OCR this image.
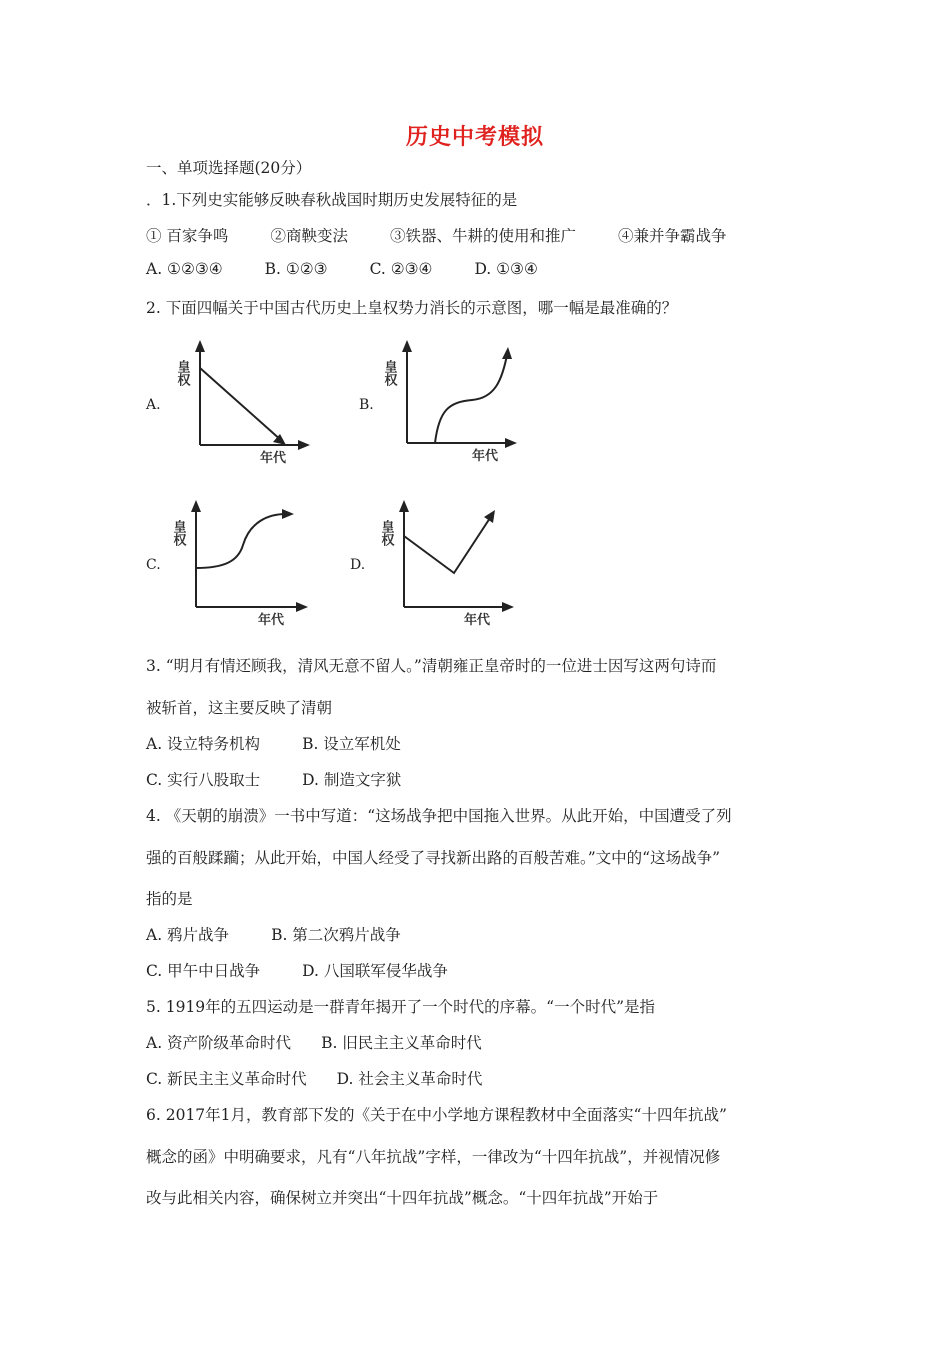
历史中考模拟
一、单项选择题(20分）
．1.下列史实能够反映春秋战国时期历史发展特征的是
① 百家争鸣	②商鞅变法	③铁器、牛耕的使用和推广	④兼并争霸战争
A. ①②③④	B. ①②③	C. ②③④	D. ①③④
2. 下面四幅关于中国古代历史上皇权势力消长的示意图，哪一幅是最准确的？
A.
皇权
年代
B.
皇权
年代
C.
皇权
年代
D.
皇权
年代
3. “明月有情还顾我，清风无意不留人。”清朝雍正皇帝时的一位进士因写这两句诗而
被斩首，这主要反映了清朝
A. 设立特务机构	B. 设立军机处
C. 实行八股取士	D. 制造文字狱
4. 《天朝的崩溃》一书中写道：“这场战争把中国拖入世界。从此开始，中国遭受了列
强的百般蹂躏；从此开始，中国人经受了寻找新出路的百般苦难。”文中的“这场战争”
指的是
A. 鸦片战争	B. 第二次鸦片战争
C. 甲午中日战争	D. 八国联军侵华战争
5. 1919年的五四运动是一群青年揭开了一个时代的序幕。“一个时代”是指
A. 资产阶级革命时代 B. 旧民主主义革命时代
C. 新民主主义革命时代 D. 社会主义革命时代
6. 2017年1月，教育部下发的《关于在中小学地方课程教材中全面落实“十四年抗战”
概念的函》中明确要求，凡有“八年抗战”字样，一律改为“十四年抗战”，并视情况修
改与此相关内容，确保树立并突出“十四年抗战”概念。“十四年抗战”开始于
